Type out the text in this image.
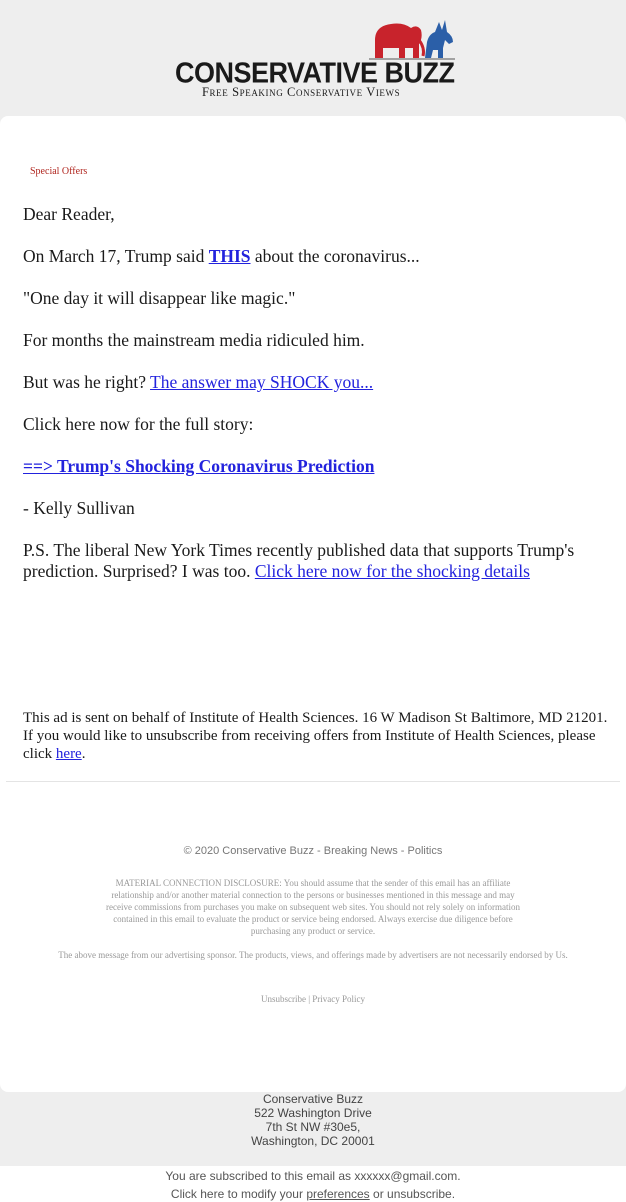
CONSERVATIVE BUZZ
Free Speaking Conservative Views
Special Offers

Dear Reader,

On March 17, Trump said THIS about the coronavirus...

"One day it will disappear like magic."

For months the mainstream media ridiculed him.

But was he right? The answer may SHOCK you...

Click here now for the full story:

==> Trump's Shocking Coronavirus Prediction

- Kelly Sullivan

P.S. The liberal New York Times recently published data that supports Trump's prediction. Surprised? I was too. Click here now for the shocking details

This ad is sent on behalf of Institute of Health Sciences. 16 W Madison St Baltimore, MD 21201. If you would like to unsubscribe from receiving offers from Institute of Health Sciences, please click here.
© 2020 Conservative Buzz - Breaking News - Politics
MATERIAL CONNECTION DISCLOSURE: You should assume that the sender of this email has an affiliate relationship and/or another material connection to the persons or businesses mentioned in this message and may receive commissions from purchases you make on subsequent web sites. You should not rely solely on information contained in this email to evaluate the product or service being endorsed. Always exercise due diligence before purchasing any product or service.
The above message from our advertising sponsor. The products, views, and offerings made by advertisers are not necessarily endorsed by Us.
Unsubscribe | Privacy Policy
Conservative Buzz
522 Washington Drive
7th St NW #30e5,
Washington, DC 20001
You are subscribed to this email as xxxxxx@gmail.com.
Click here to modify your preferences or unsubscribe.
